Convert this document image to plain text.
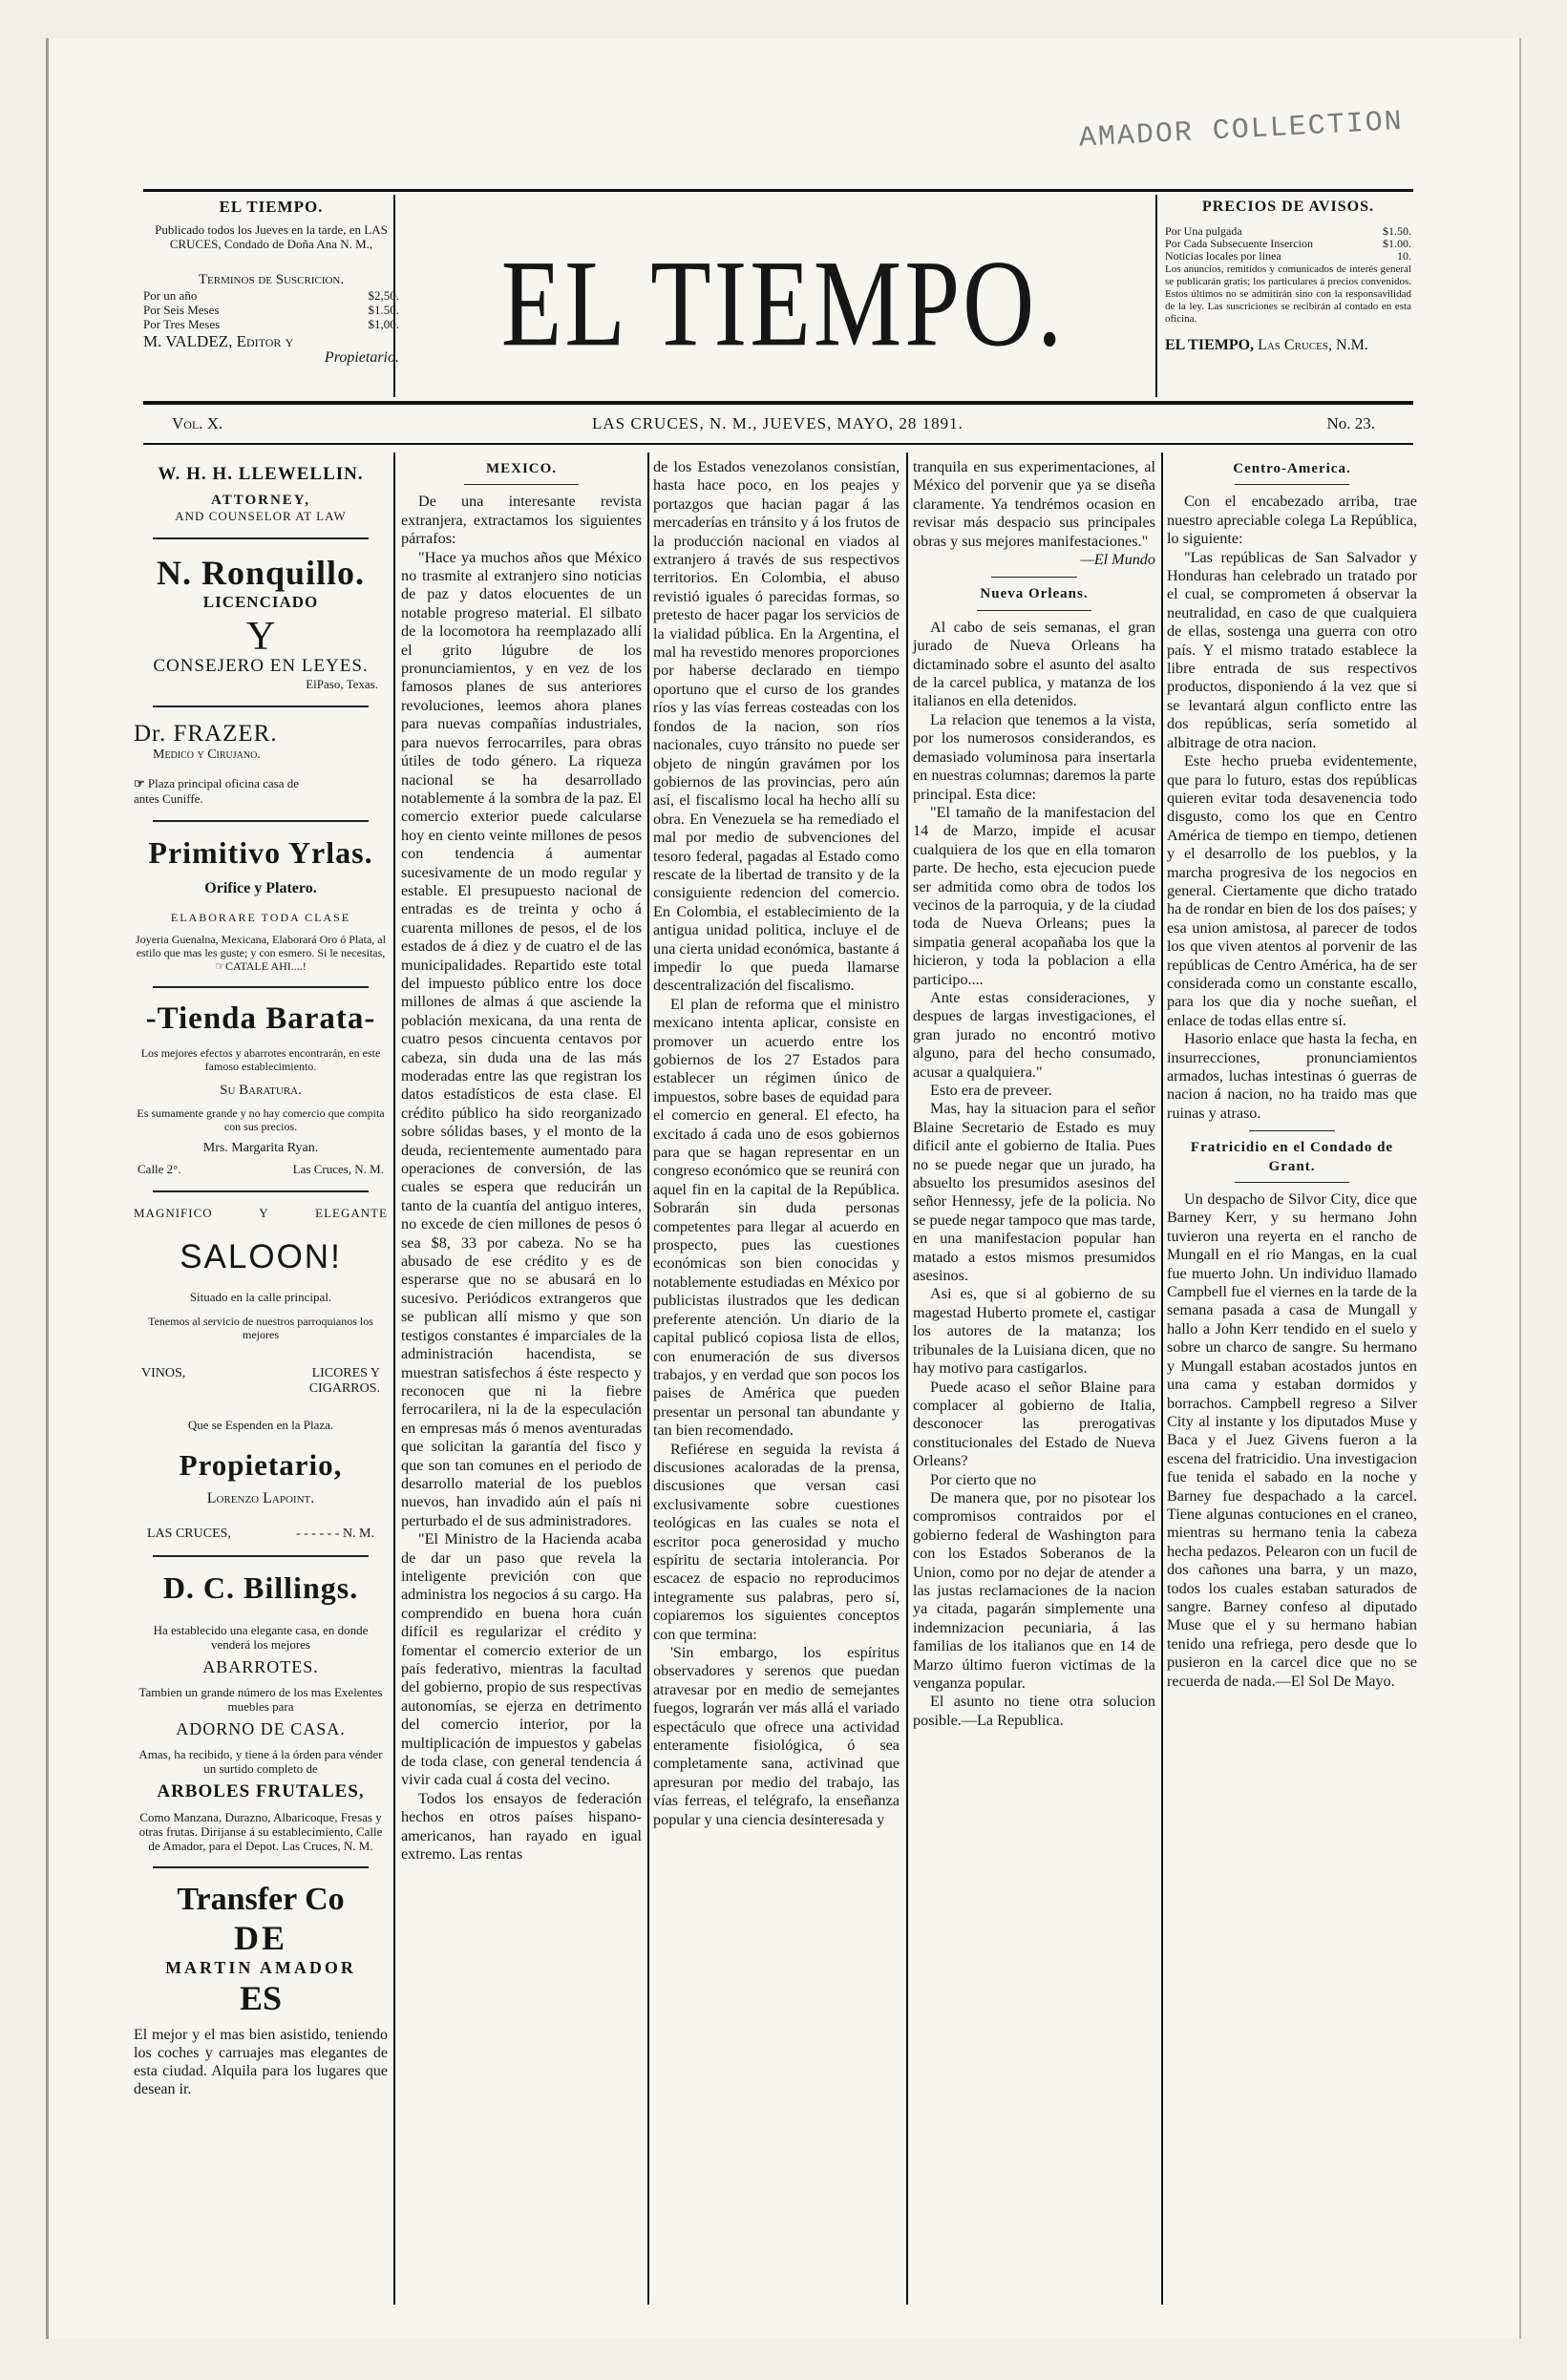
AMADOR COLLECTION
EL TIEMPO.
Publicado todos los Jueves en la tarde, en LAS CRUCES, Condado de Doña Ana N. M.,
Terminos de Suscricion.
Por un año	$2,50.
Por Seis Meses	$1.50.
Por Tres Meses	$1,00.
M. VALDEZ, Editor y
Propietario.	EL TIEMPO.
PRECIOS DE AVISOS.
Por Una pulgada	$1.50.
Por Cada Subsecuente Insercion	$1.00.
Noticias locales por linea	10.
Los anuncios, remitidos y comunicados de interés general se publicarán gratis; los particulares á precios convenidos. Estos últimos no se admitirán sino con la responsavilidad de la ley. Las suscriciones se recibirán al contado en esta oficina.
EL TIEMPO, Las Cruces, N.M.
Vol. X.	LAS CRUCES, N. M., JUEVES, MAYO, 28 1891.	No. 23.
W. H. H. LLEWELLIN.
ATTORNEY,
AND COUNSELOR AT LAW
N. Ronquillo.
LICENCIADO
Y
CONSEJERO EN LEYES.
ElPaso, Texas.
Dr. FRAZER.
Medico y Cirujano.
☞ Plaza principal oficina casa de
antes Cuniffe.
Primitivo Yrlas.
Orifice y Platero.
ELABORARE TODA CLASE
Joyeria Guenalna, Mexicana, Elaborará Oro ó Plata, al estilo que mas les guste; y con esmero. Si le necesitas, ☞CATALE AHI....!
-Tienda Barata-
Los mejores efectos y abarrotes encontrarán, en este famoso establecimiento.
Su Baratura.
Es sumamente grande y no hay comercio que compita con sus precios.
Mrs. Margarita Ryan.
Calle 2°.	Las Cruces, N. M.
MAGNIFICO	Y	ELEGANTE
SALOON!
Situado en la calle principal.
Tenemos al servicio de nuestros parroquianos los mejores
VINOS,	LICORES Y
CIGARROS.
Que se Espenden en la Plaza.
Propietario,
Lorenzo Lapoint.
LAS CRUCES,	- - - - - - N. M.
D. C. Billings.
Ha establecido una elegante casa, en donde venderá los mejores
ABARROTES.
Tambien un grande número de los mas Exelentes muebles para
ADORNO DE CASA.
Amas, ha recibido, y tiene á la órden para vénder un surtido completo de
ARBOLES FRUTALES,
Como Manzana, Durazno, Albaricoque, Fresas y otras frutas. Dirijanse á su establecimiento, Calle de Amador, para el Depot. Las Cruces, N. M.
Transfer Co
DE
MARTIN AMADOR
ES
El mejor y el mas bien asistido, teniendo los coches y carruajes mas elegantes de esta ciudad. Alquila para los lugares que desean ir.

MEXICO.

De una interesante revista extranjera, extractamos los siguientes párrafos:

"Hace ya muchos años que México no trasmite al extranjero sino noticias de paz y datos elocuentes de un notable progreso material. El silbato de la locomotora ha reemplazado allí el grito lúgubre de los pronunciamientos, y en vez de los famosos planes de sus anteriores revoluciones, leemos ahora planes para nuevas compañías industriales, para nuevos ferrocarriles, para obras útiles de todo género. La riqueza nacional se ha desarrollado notablemente á la sombra de la paz. El comercio exterior puede calcularse hoy en ciento veinte millones de pesos con tendencia á aumentar sucesivamente de un modo regular y estable. El presupuesto nacional de entradas es de treinta y ocho á cuarenta millones de pesos, el de los estados de á diez y de cuatro el de las municipalidades. Repartido este total del impuesto público entre los doce millones de almas á que asciende la población mexicana, da una renta de cuatro pesos cincuenta centavos por cabeza, sin duda una de las más moderadas entre las que registran los datos estadísticos de esta clase. El crédito público ha sido reorganizado sobre sólidas bases, y el monto de la deuda, recientemente aumentado para operaciones de conversión, de las cuales se espera que reducirán un tanto de la cuantía del antiguo interes, no excede de cien millones de pesos ó sea $8, 33 por cabeza. No se ha abusado de ese crédito y es de esperarse que no se abusará en lo sucesivo. Periódicos extrangeros que se publican allí mismo y que son testigos constantes é imparciales de la administración hacendista, se muestran satisfechos á éste respecto y reconocen que ni la fiebre ferrocarilera, ni la de la especulación en empresas más ó menos aventuradas que solicitan la garantía del fisco y que son tan comunes en el periodo de desarrollo material de los pueblos nuevos, han invadido aún el país ni perturbado el de sus administradores.

"El Ministro de la Hacienda acaba de dar un paso que revela la inteligente previción con que administra los negocios á su cargo. Ha comprendido en buena hora cuán difícil es regularizar el crédito y fomentar el comercio exterior de un país federativo, mientras la facultad del gobierno, propio de sus respectivas autonomías, se ejerza en detrimento del comercio interior, por la multiplicación de impuestos y gabelas de toda clase, con general tendencia á vivir cada cual á costa del vecino.

Todos los ensayos de federación hechos en otros países hispano-americanos, han rayado en igual extremo. Las rentas

de los Estados venezolanos consistían, hasta hace poco, en los peajes y portazgos que hacian pagar á las mercaderías en tránsito y á los frutos de la producción nacional en viados al extranjero á través de sus respectivos territorios. En Colombia, el abuso revistió iguales ó parecidas formas, so pretesto de hacer pagar los servicios de la vialidad pública. En la Argentina, el mal ha revestido menores proporciones por haberse declarado en tiempo oportuno que el curso de los grandes ríos y las vías ferreas costeadas con los fondos de la nacion, son ríos nacionales, cuyo tránsito no puede ser objeto de ningún gravámen por los gobiernos de las provincias, pero aún así, el fiscalismo local ha hecho allí su obra. En Venezuela se ha remediado el mal por medio de subvenciones del tesoro federal, pagadas al Estado como rescate de la libertad de transito y de la consiguiente redencion del comercio. En Colombia, el establecimiento de la antigua unidad politica, incluye el de una cierta unidad económica, bastante á impedir lo que pueda llamarse descentralización del fiscalismo.

El plan de reforma que el ministro mexicano intenta aplicar, consiste en promover un acuerdo entre los gobiernos de los 27 Estados para establecer un régimen único de impuestos, sobre bases de equidad para el comercio en general. El efecto, ha excitado á cada uno de esos gobiernos para que se hagan representar en un congreso económico que se reunirá con aquel fin en la capital de la República. Sobrarán sin duda personas competentes para llegar al acuerdo en prospecto, pues las cuestiones económicas son bien conocidas y notablemente estudiadas en México por publicistas ilustrados que les dedican preferente atención. Un diario de la capital publicó copiosa lista de ellos, con enumeración de sus diversos trabajos, y en verdad que son pocos los paises de América que pueden presentar un personal tan abundante y tan bien recomendado.

Refiérese en seguida la revista á discusiones acaloradas de la prensa, discusiones que versan casi exclusivamente sobre cuestiones teológicas en las cuales se nota el escritor poca generosidad y mucho espíritu de sectaria intolerancia. Por escacez de espacio no reproducimos integramente sus palabras, pero sí, copiaremos los siguientes conceptos con que termina:

'Sin embargo, los espíritus observadores y serenos que puedan atravesar por en medio de semejantes fuegos, lograrán ver más allá el variado espectáculo que ofrece una actividad enteramente fisiológica, ó sea completamente sana, activinad que apresuran por medio del trabajo, las vías ferreas, el telégrafo, la enseñanza popular y una ciencia desinteresada y

tranquila en sus experimentaciones, al México del porvenir que ya se diseña claramente. Ya tendrémos ocasion en revisar más despacio sus principales obras y sus mejores manifestaciones."

—El Mundo

Nueva Orleans.

Al cabo de seis semanas, el gran jurado de Nueva Orleans ha dictaminado sobre el asunto del asalto de la carcel publica, y matanza de los italianos en ella detenidos.

La relacion que tenemos a la vista, por los numerosos considerandos, es demasiado voluminosa para insertarla en nuestras columnas; daremos la parte principal. Esta dice:

"El tamaño de la manifestacion del 14 de Marzo, impide el acusar cualquiera de los que en ella tomaron parte. De hecho, esta ejecucion puede ser admitida como obra de todos los vecinos de la parroquia, y de la ciudad toda de Nueva Orleans; pues la simpatia general acopañaba los que la hicieron, y toda la poblacion a ella participo....

Ante estas consideraciones, y despues de largas investigaciones, el gran jurado no encontró motivo alguno, para del hecho consumado, acusar a qualquiera."

Esto era de preveer.

Mas, hay la situacion para el señor Blaine Secretario de Estado es muy dificil ante el gobierno de Italia. Pues no se puede negar que un jurado, ha absuelto los presumidos asesinos del señor Hennessy, jefe de la policia. No se puede negar tampoco que mas tarde, en una manifestacion popular han matado a estos mismos presumidos asesinos.

Asi es, que si al gobierno de su magestad Huberto promete el, castigar los autores de la matanza; los tribunales de la Luisiana dicen, que no hay motivo para castigarlos.

Puede acaso el señor Blaine para complacer al gobierno de Italia, desconocer las prerogativas constitucionales del Estado de Nueva Orleans?

Por cierto que no

De manera que, por no pisotear los compromisos contraidos por el gobierno federal de Washington para con los Estados Soberanos de la Union, como por no dejar de atender a las justas reclamaciones de la nacion ya citada, pagarán simplemente una indemnizacion pecuniaria, á las familias de los italianos que en 14 de Marzo último fueron victimas de la venganza popular.

El asunto no tiene otra solucion posible.—La Republica.

Centro-America.

Con el encabezado arriba, trae nuestro apreciable colega La República, lo siguiente:

"Las repúblicas de San Salvador y Honduras han celebrado un tratado por el cual, se comprometen á observar la neutralidad, en caso de que cualquiera de ellas, sostenga una guerra con otro país. Y el mismo tratado establece la libre entrada de sus respectivos productos, disponiendo á la vez que si se levantará algun conflicto entre las dos repúblicas, sería sometido al albitrage de otra nacion.

Este hecho prueba evidentemente, que para lo futuro, estas dos repúblicas quieren evitar toda desavenencia todo disgusto, como los que en Centro América de tiempo en tiempo, detienen y el desarrollo de los pueblos, y la marcha progresiva de los negocios en general. Ciertamente que dicho tratado ha de rondar en bien de los dos países; y esa union amistosa, al parecer de todos los que viven atentos al porvenir de las repúblicas de Centro América, ha de ser considerada como un constante escallo, para los que dia y noche sueñan, el enlace de todas ellas entre sí.

Hasorio enlace que hasta la fecha, en insurrecciones, pronunciamientos armados, luchas intestinas ó guerras de nacion á nacion, no ha traido mas que ruinas y atraso.

Fratricidio en el Condado de Grant.

Un despacho de Silvor City, dice que Barney Kerr, y su hermano John tuvieron una reyerta en el rancho de Mungall en el rio Mangas, en la cual fue muerto John. Un individuo llamado Campbell fue el viernes en la tarde de la semana pasada a casa de Mungall y hallo a John Kerr tendido en el suelo y sobre un charco de sangre. Su hermano y Mungall estaban acostados juntos en una cama y estaban dormidos y borrachos. Campbell regreso a Silver City al instante y los diputados Muse y Baca y el Juez Givens fueron a la escena del fratricidio. Una investigacion fue tenida el sabado en la noche y Barney fue despachado a la carcel. Tiene algunas contuciones en el craneo, mientras su hermano tenia la cabeza hecha pedazos. Pelearon con un fucil de dos cañones una barra, y un mazo, todos los cuales estaban saturados de sangre. Barney confeso al diputado Muse que el y su hermano habian tenido una refriega, pero desde que lo pusieron en la carcel dice que no se recuerda de nada.—El Sol De Mayo.
